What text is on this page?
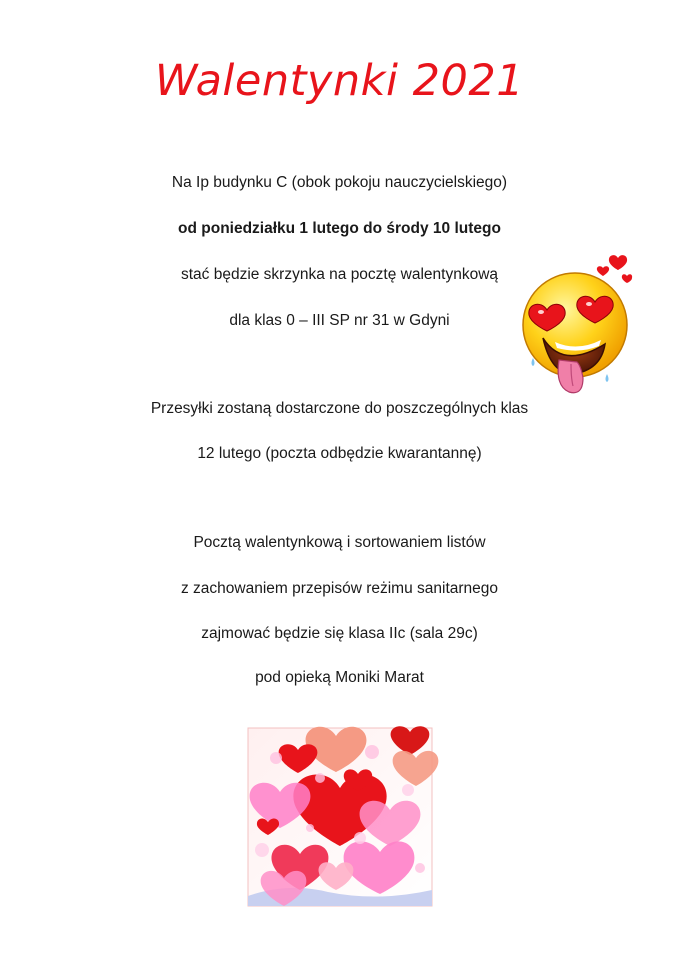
Walentynki 2021
Na Ip budynku C (obok pokoju nauczycielskiego)
od poniedziałku 1 lutego do środy 10 lutego
stać będzie skrzynka na pocztę walentynkową
dla klas 0 – III SP nr 31 w Gdyni
Przesyłki zostaną dostarczone do poszczególnych klas
12 lutego (poczta odbędzie kwarantannę)
Pocztą walentynkową i sortowaniem listów
z zachowaniem przepisów reżimu sanitarnego
zajmować będzie się klasa IIc (sala 29c)
pod opieką Moniki Marat
